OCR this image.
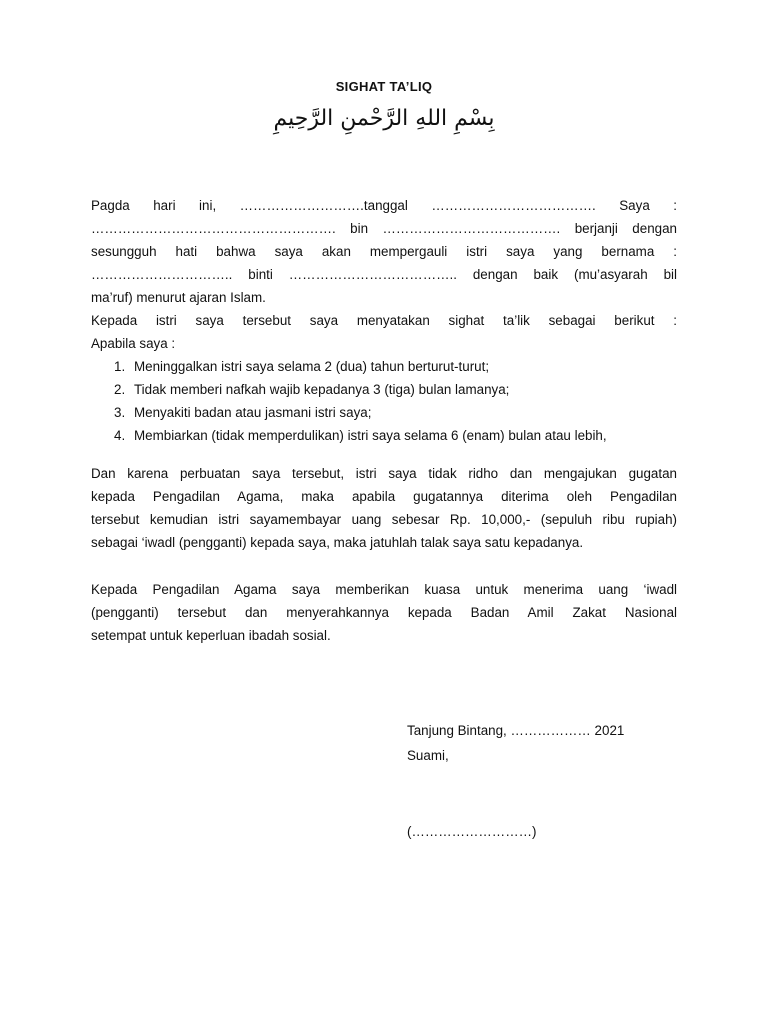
SIGHAT TA’LIQ
بِسْمِ اللهِ الرَّحْمنِ الرَّحِيمِ

Pagda hari ini, ……………………….tanggal ………………………………. Saya :

………………………………………………. bin …………………………………. berjanji dengan

sesungguh hati bahwa saya akan mempergauli istri saya yang bernama :

………………………….. binti ……………………………….. dengan baik (mu’asyarah bil

ma’ruf) menurut ajaran Islam.

Kepada istri saya tersebut saya menyatakan sighat ta’lik sebagai berikut :

Apabila saya :

1. Meninggalkan istri saya selama 2 (dua) tahun berturut-turut;
2. Tidak memberi nafkah wajib kepadanya 3 (tiga) bulan lamanya;
3. Menyakiti badan atau jasmani istri saya;
4. Membiarkan (tidak memperdulikan) istri saya selama 6 (enam) bulan atau lebih,

Dan karena perbuatan saya tersebut, istri saya tidak ridho dan mengajukan gugatan

kepada Pengadilan Agama, maka apabila gugatannya diterima oleh Pengadilan

tersebut kemudian istri sayamembayar uang sebesar Rp. 10,000,- (sepuluh ribu rupiah)

sebagai ‘iwadl (pengganti) kepada saya, maka jatuhlah talak saya satu kepadanya.

Kepada Pengadilan Agama saya memberikan kuasa untuk menerima uang ‘iwadl

(pengganti) tersebut dan menyerahkannya kepada Badan Amil Zakat Nasional

setempat untuk keperluan ibadah sosial.

Tanjung Bintang, ……………… 2021
Suami,
(………………………)
